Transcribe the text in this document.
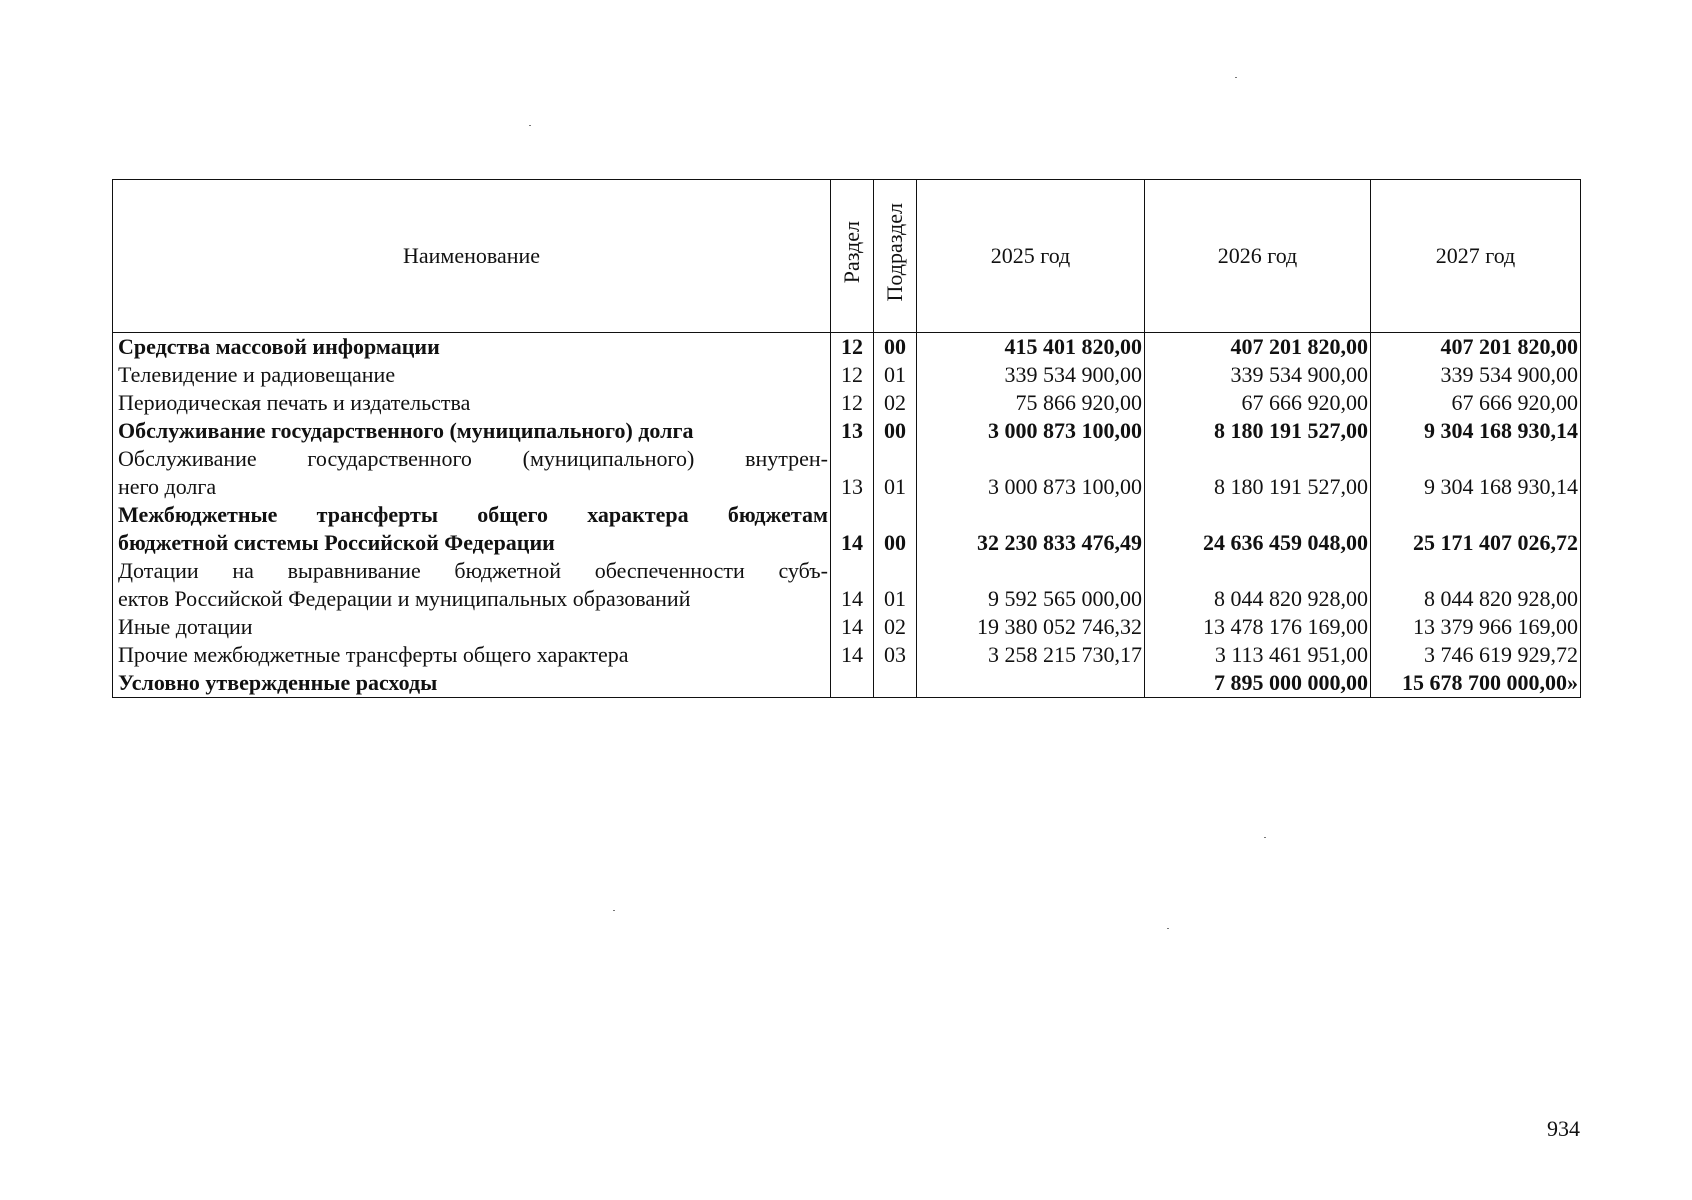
Наименование	Раздел	Подраздел	2025 год	2026 год	2027 год
Средства массовой информации	12	00	415 401 820,00	407 201 820,00	407 201 820,00
Телевидение и радиовещание	12	01	339 534 900,00	339 534 900,00	339 534 900,00
Периодическая печать и издательства	12	02	75 866 920,00	67 666 920,00	67 666 920,00
Обслуживание государственного (муниципального) долга	13	00	3 000 873 100,00	8 180 191 527,00	9 304 168 930,14

Обслуживание государственного (муниципального) внутрен-
него долга	13	01	3 000 873 100,00	8 180 191 527,00	9 304 168 930,14

Межбюджетные трансферты общего характера бюджетам
бюджетной системы Российской Федерации	14	00	32 230 833 476,49	24 636 459 048,00	25 171 407 026,72

Дотации на выравнивание бюджетной обеспеченности субъ-
ектов Российской Федерации и муниципальных образований	14	01	9 592 565 000,00	8 044 820 928,00	8 044 820 928,00
Иные дотации	14	02	19 380 052 746,32	13 478 176 169,00	13 379 966 169,00
Прочие межбюджетные трансферты общего характера	14	03	3 258 215 730,17	3 113 461 951,00	3 746 619 929,72
Условно утвержденные расходы				7 895 000 000,00	15 678 700 000,00»
934
